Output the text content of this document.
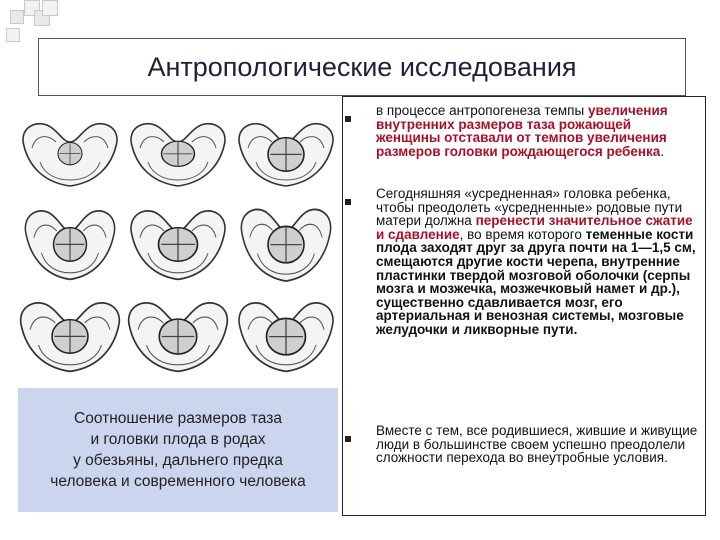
Антропологические исследования

Соотношение размеров таза
и головки плода в родах
у обезьяны, дальнего предка
человека и современного человека

в процессе антропогенеза темпы увеличения внутренних размеров таза рожающей женщины отставали от темпов увеличения размеров головки рождающегося ребенка.
Сегодняшняя «усредненная» головка ребенка, чтобы преодолеть «усредненные» родовые пути матери должна перенести значительное сжатие и сдавление, во время которого теменные кости плода заходят друг за друга почти на 1—1,5 см, смещаются другие кости черепа, внутренние пластинки твердой мозговой оболочки (серпы мозга и мозжечка, мозжечковый намет и др.), существенно сдавливается мозг, его артериальная и венозная системы, мозговые желудочки и ликворные пути.
Вместе с тем, все родившиеся, жившие и живущие люди в большинстве своем успешно преодолели сложности перехода во внеутробные условия.
